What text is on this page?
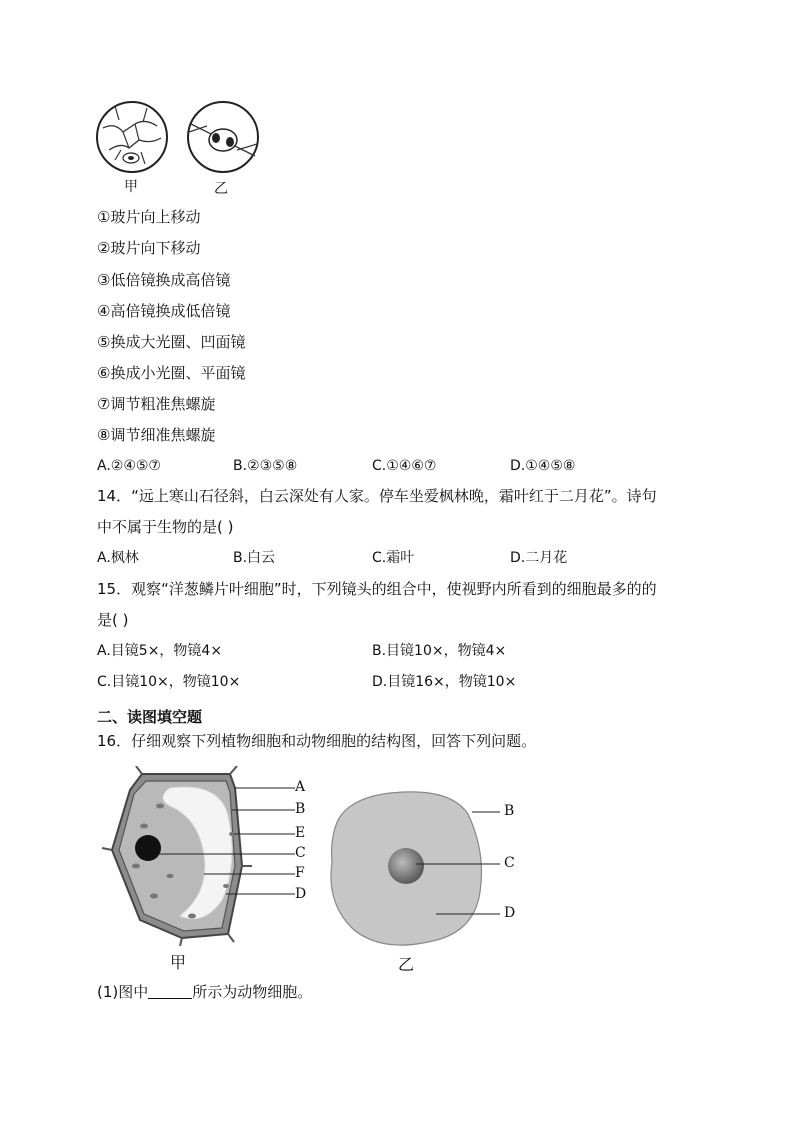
甲	乙
①玻片向上移动
②玻片向下移动
③低倍镜换成高倍镜
④高倍镜换成低倍镜
⑤换成大光圈、凹面镜
⑥换成小光圈、平面镜
⑦调节粗准焦螺旋
⑧调节细准焦螺旋
A.②④⑤⑦	B.②③⑤⑧	C.①④⑥⑦	D.①④⑤⑧
14．“远上寒山石径斜，白云深处有人家。停车坐爱枫林晚，霜叶红于二月花”。诗句
中不属于生物的是( )
A.枫林	B.白云	C.霜叶	D.二月花
15．观察“洋葱鳞片叶细胞”时，下列镜头的组合中，使视野内所看到的细胞最多的的
是( )
A.目镜5×，物镜4×	B.目镜10×，物镜4×
C.目镜10×，物镜10×	D.目镜16×，物镜10×
二、读图填空题
16．仔细观察下列植物细胞和动物细胞的结构图，回答下列问题。
A
B
E
C
F
D
B
C
D
甲	乙
(1)图中	所示为动物细胞。
